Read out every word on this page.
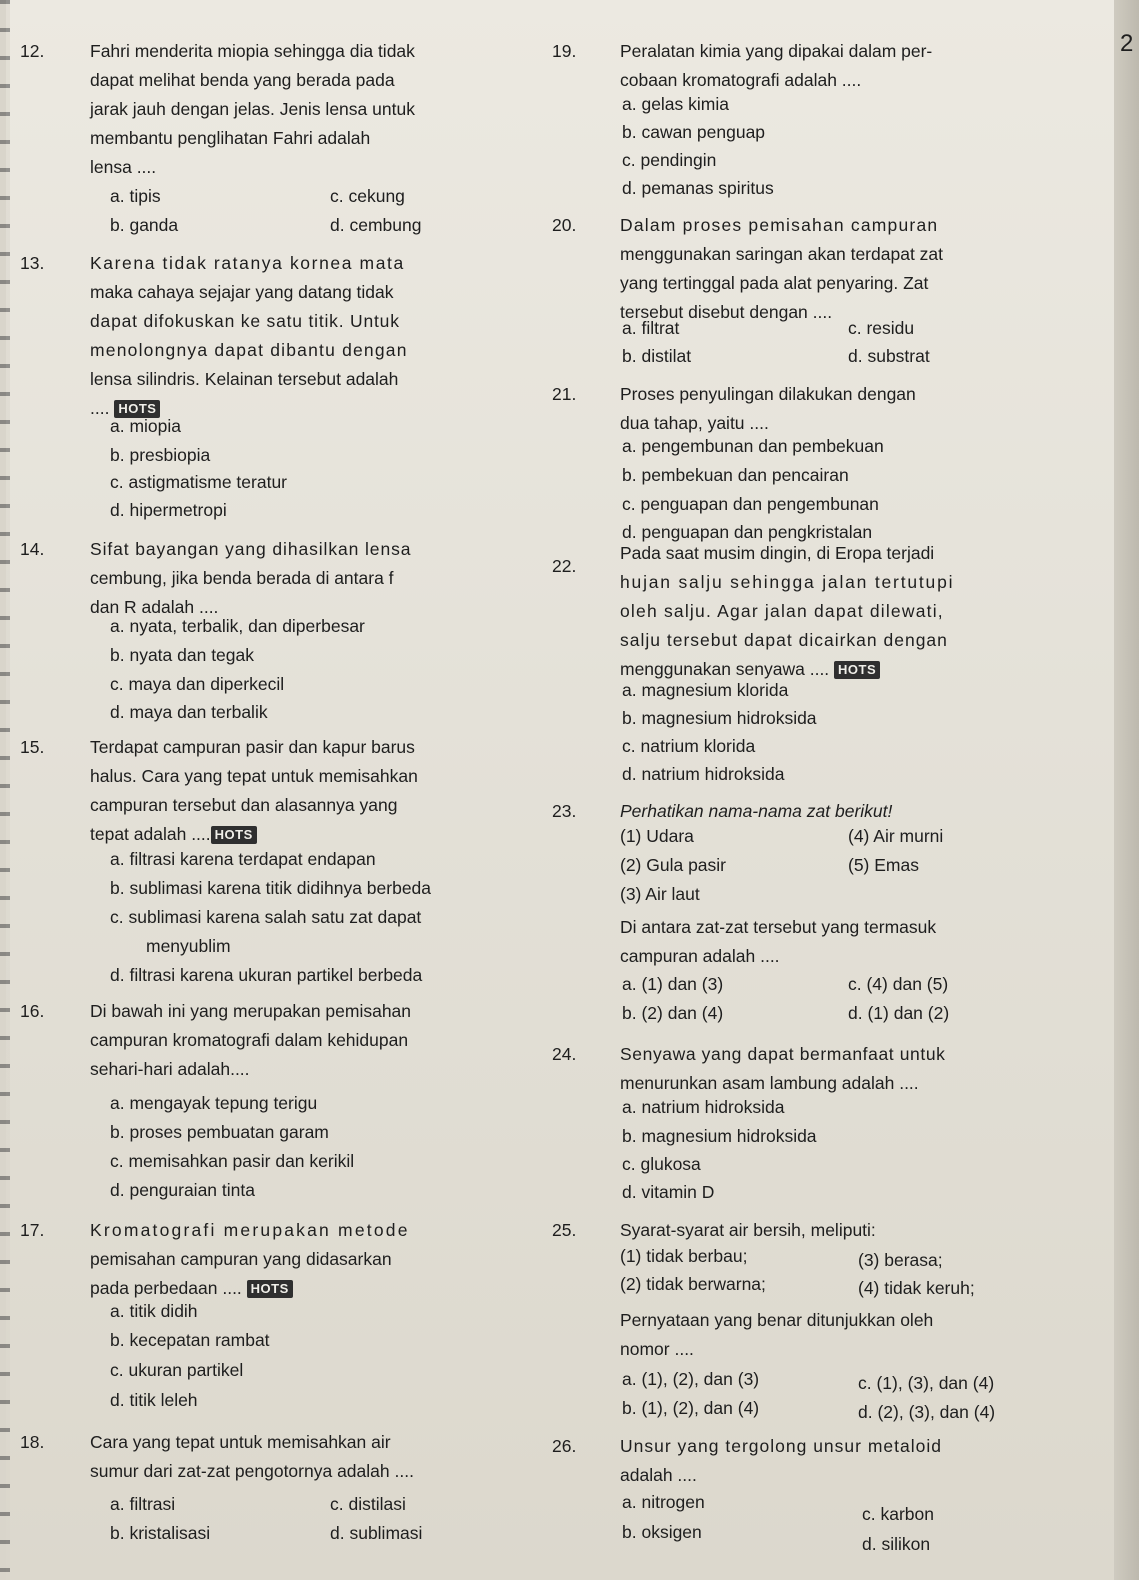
2
12.	Fahri menderita miopia sehingga dia tidak
dapat melihat benda yang berada pada
jarak jauh dengan jelas. Jenis lensa untuk
membantu penglihatan Fahri adalah
lensa ....
a. tipis
b. ganda
c. cekung
d. cembung
13.	Karena tidak ratanya kornea mata
maka cahaya sejajar yang datang tidak
dapat difokuskan ke satu titik. Untuk
menolongnya dapat dibantu dengan
lensa silindris. Kelainan tersebut adalah
.... HOTS
a. miopia
b. presbiopia
c. astigmatisme teratur
d. hipermetropi
14.	Sifat bayangan yang dihasilkan lensa
cembung, jika benda berada di antara f
dan R adalah ....
a. nyata, terbalik, dan diperbesar
b. nyata dan tegak
c. maya dan diperkecil
d. maya dan terbalik
15.	Terdapat campuran pasir dan kapur barus
halus. Cara yang tepat untuk memisahkan
campuran tersebut dan alasannya yang
tepat adalah .... HOTS
a. filtrasi karena terdapat endapan
b. sublimasi karena titik didihnya berbeda
c. sublimasi karena salah satu zat dapat
menyublim
d. filtrasi karena ukuran partikel berbeda
16.	Di bawah ini yang merupakan pemisahan
campuran kromatografi dalam kehidupan
sehari-hari adalah....
a. mengayak tepung terigu
b. proses pembuatan garam
c. memisahkan pasir dan kerikil
d. penguraian tinta
17.	Kromatografi merupakan metode
pemisahan campuran yang didasarkan
pada perbedaan .... HOTS
a. titik didih
b. kecepatan rambat
c. ukuran partikel
d. titik leleh
18.	Cara yang tepat untuk memisahkan air
sumur dari zat-zat pengotornya adalah ....
a. filtrasi
b. kristalisasi
c. distilasi
d. sublimasi
19. Peralatan kimia yang dipakai dalam per-
cobaan kromatografi adalah ....
a. gelas kimia
b. cawan penguap
c. pendingin
d. pemanas spiritus
20. Dalam proses pemisahan campuran
menggunakan saringan akan terdapat zat
yang tertinggal pada alat penyaring. Zat
tersebut disebut dengan ....
a. filtrat
b. distilat
c. residu
d. substrat
21. Proses penyulingan dilakukan dengan
dua tahap, yaitu ....
a. pengembunan dan pembekuan
b. pembekuan dan pencairan
c. penguapan dan pengembunan
d. penguapan dan pengkristalan
22.
Pada saat musim dingin, di Eropa terjadi
hujan salju sehingga jalan tertutupi
oleh salju. Agar jalan dapat dilewati,
salju tersebut dapat dicairkan dengan
menggunakan senyawa .... HOTS
a. magnesium klorida
b. magnesium hidroksida
c. natrium klorida
d. natrium hidroksida
23. Perhatikan nama-nama zat berikut!
(1) Udara
(2) Gula pasir
(3) Air laut
(4) Air murni
(5) Emas
Di antara zat-zat tersebut yang termasuk
campuran adalah ....
a. (1) dan (3)
b. (2) dan (4)
c. (4) dan (5)
d. (1) dan (2)
24. Senyawa yang dapat bermanfaat untuk
menurunkan asam lambung adalah ....
a. natrium hidroksida
b. magnesium hidroksida
c. glukosa
d. vitamin D
25. Syarat-syarat air bersih, meliputi:
(1) tidak berbau;
(2) tidak berwarna;
(3) berasa;
(4) tidak keruh;
Pernyataan yang benar ditunjukkan oleh
nomor ....
a. (1), (2), dan (3)
b. (1), (2), dan (4)
c. (1), (3), dan (4)
d. (2), (3), dan (4)
26. Unsur yang tergolong unsur metaloid
adalah ....
a. nitrogen
b. oksigen
c. karbon
d. silikon
